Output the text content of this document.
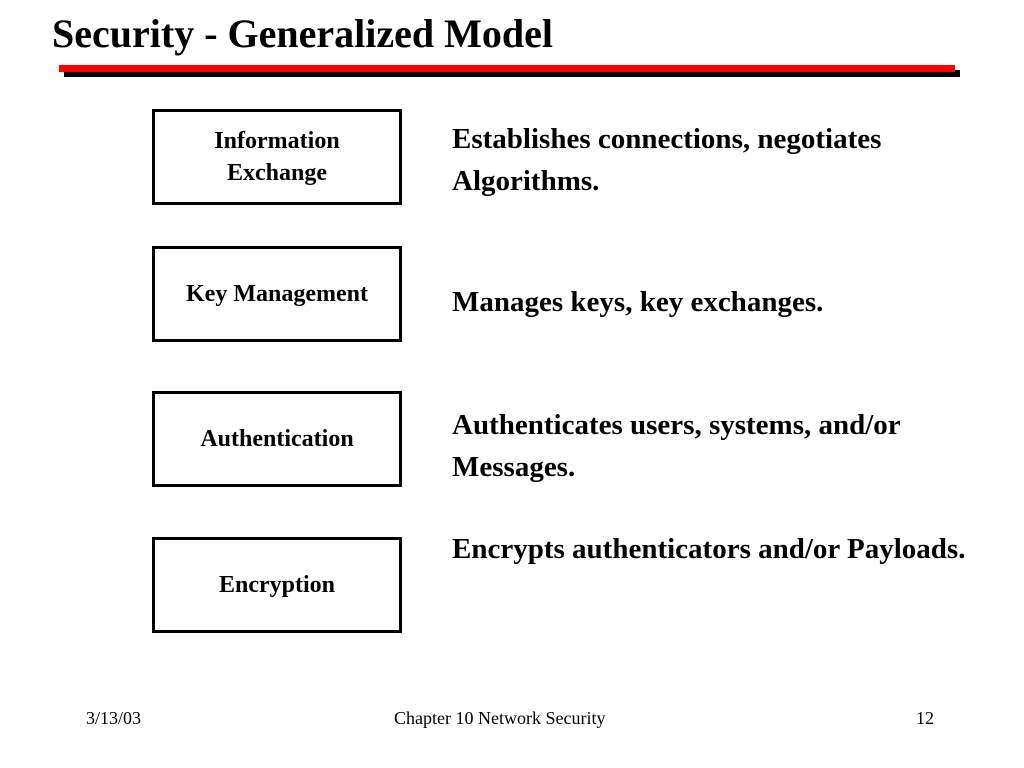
Security - Generalized Model
Information Exchange

Establishes connections, negotiates Algorithms.

Key Management	Manages keys, key exchanges.

Authentication	Authenticates users, systems, and/or Messages.

Encryption

Encrypts authenticators and/or Payloads.

3/13/03	Chapter 10 Network Security	12
